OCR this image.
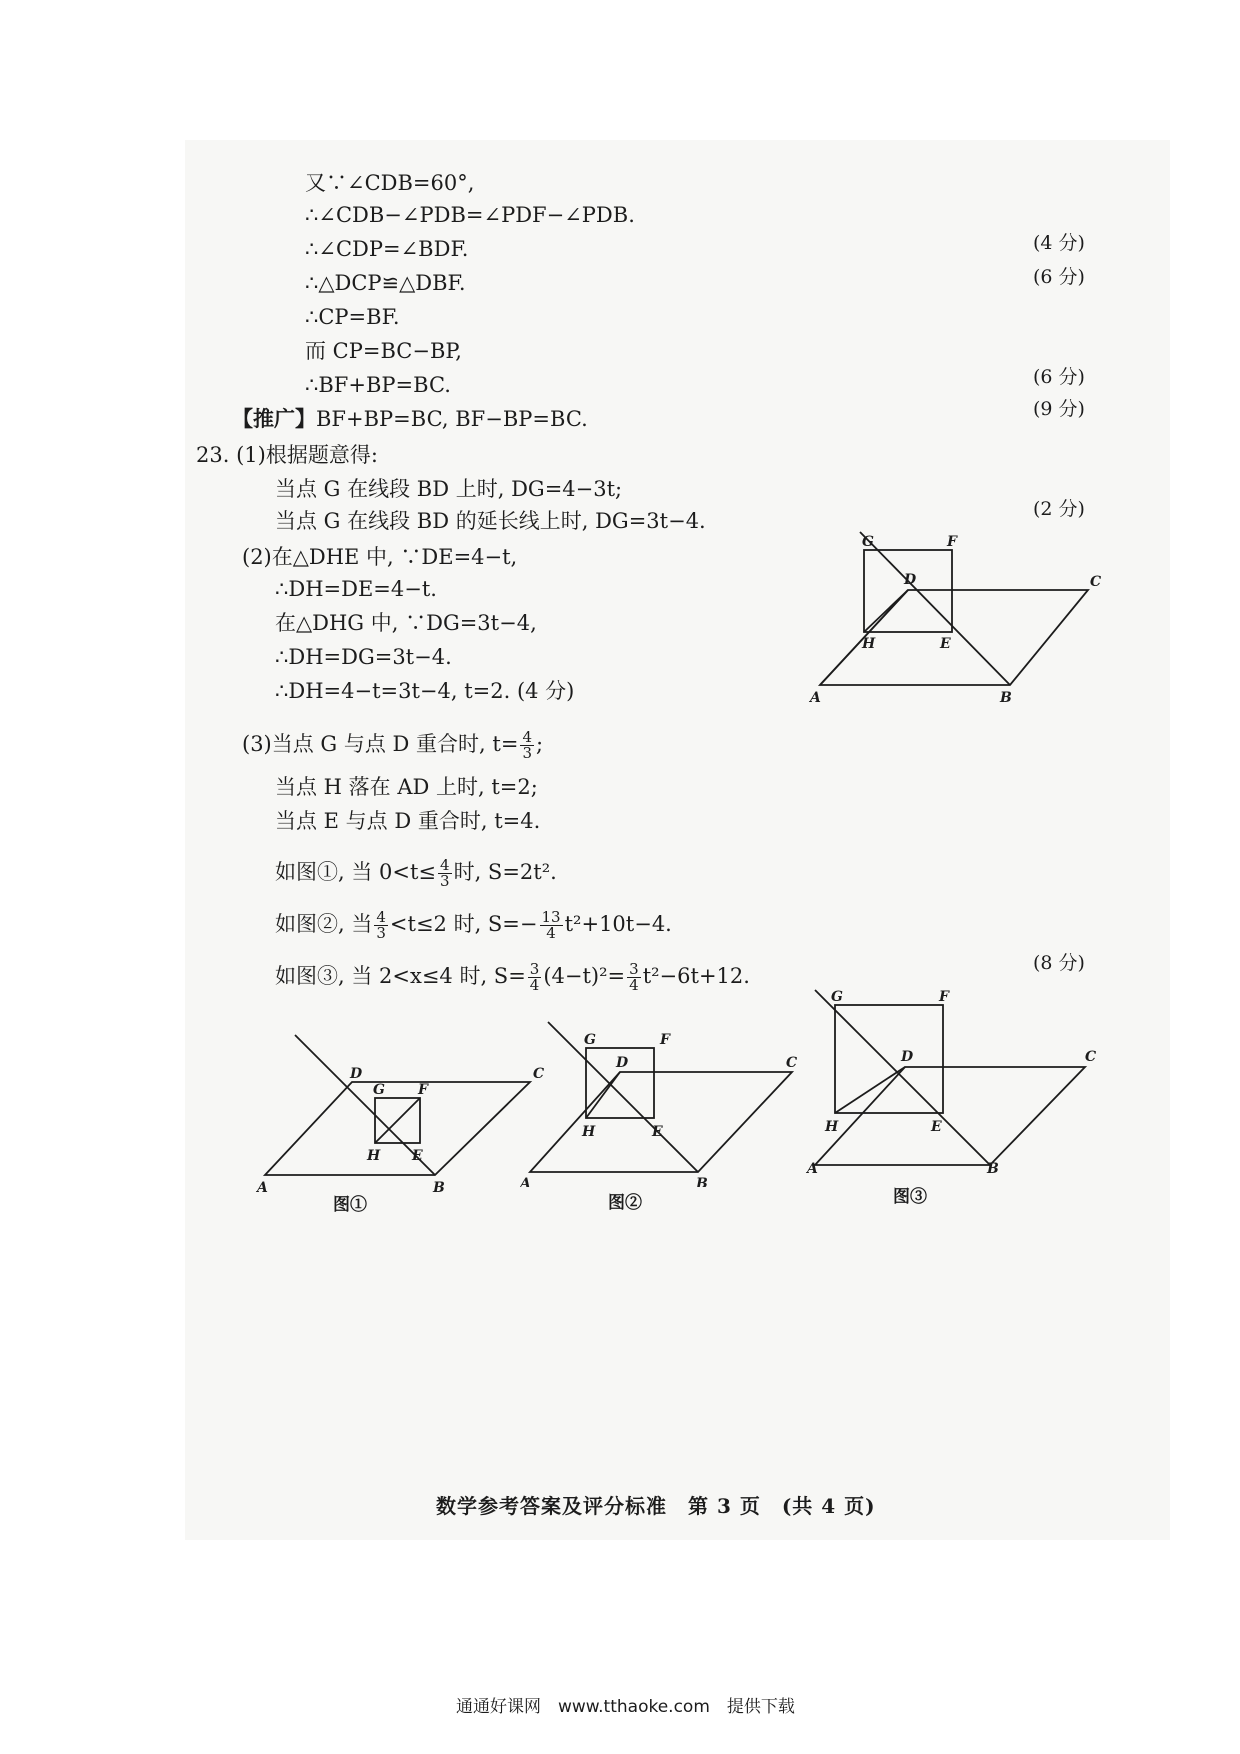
又∵∠CDB=60°,
∴∠CDB−∠PDB=∠PDF−∠PDB.
∴∠CDP=∠BDF.
∴△DCP≌△DBF.
∴CP=BF.
而 CP=BC−BP,
∴BF+BP=BC.
【推广】BF+BP=BC, BF−BP=BC.
(4 分)
(6 分)
(6 分)
(9 分)
23. (1)根据题意得:
当点 G 在线段 BD 上时, DG=4−3t;
当点 G 在线段 BD 的延长线上时, DG=3t−4.	(2 分)
(2)在△DHE 中, ∵DE=4−t,
∴DH=DE=4−t.
在△DHG 中, ∵DG=3t−4,
∴DH=DG=3t−4.
∴DH=4−t=3t−4, t=2. (4 分)
(3)当点 G 与点 D 重合时, $t= \frac{4}{3}$ ;
当点 H 落在 AD 上时, t=2;
当点 E 与点 D 重合时, t=4.
如图①, 当 $0<t\le \frac{4}{3}$ 时, S=2t².
如图②, 当 $\frac{4}{3} <t\le 2$ 时, $S=- \frac{13}{4} t^2+10t-4$.
如图③, 当 2<x≤4 时, $S= \frac{3}{4} (4-t)^2= \frac{3}{4} t^2-6t+12$.
(8 分)
G	F
D	C
H	E
A	B
D	C
G F
H E
A	B
图①
G	F
D	C
H	E
A	B
图②
G	F
D	C
H	E
A	B
图③
数学参考答案及评分标准　第 3 页　(共 4 页)
通通好课网　www.tthaoke.com　提供下载
